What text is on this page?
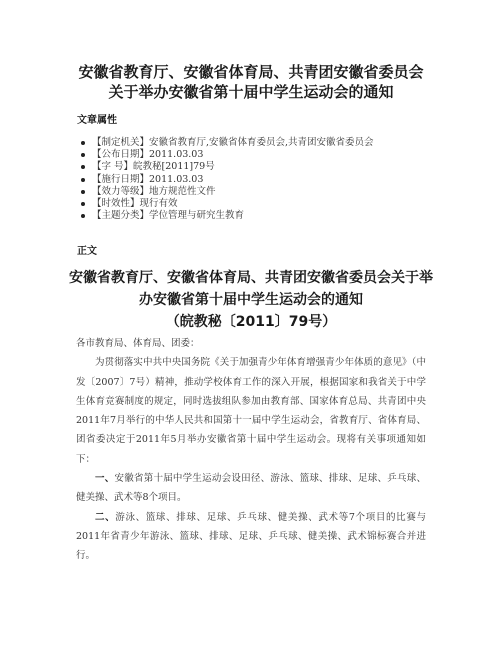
安徽省教育厅、安徽省体育局、共青团安徽省委员会
关于举办安徽省第十届中学生运动会的通知
文章属性
【制定机关】安徽省教育厅,安徽省体育委员会,共青团安徽省委员会
【公布日期】2011.03.03
【字 号】皖教秘[2011]79号
【施行日期】2011.03.03
【效力等级】地方规范性文件
【时效性】现行有效
【主题分类】学位管理与研究生教育
正文
安徽省教育厅、安徽省体育局、共青团安徽省委员会关于举
办安徽省第十届中学生运动会的通知
（皖教秘〔2011〕79号）

各市教育局、体育局、团委：

为贯彻落实中共中央国务院《关于加强青少年体育增强青少年体质的意见》（中发〔2007〕7号）精神，推动学校体育工作的深入开展，根据国家和我省关于中学生体育竞赛制度的规定，同时选拔组队参加由教育部、国家体育总局、共青团中央2011年7月举行的中华人民共和国第十一届中学生运动会，省教育厅、省体育局、团省委决定于2011年5月举办安徽省第十届中学生运动会。现将有关事项通知如下：

一、安徽省第十届中学生运动会设田径、游泳、篮球、排球、足球、乒乓球、健美操、武术等8个项目。

二、游泳、篮球、排球、足球、乒乓球、健美操、武术等7个项目的比赛与2011年省青少年游泳、篮球、排球、足球、乒乓球、健美操、武术锦标赛合并进行。
